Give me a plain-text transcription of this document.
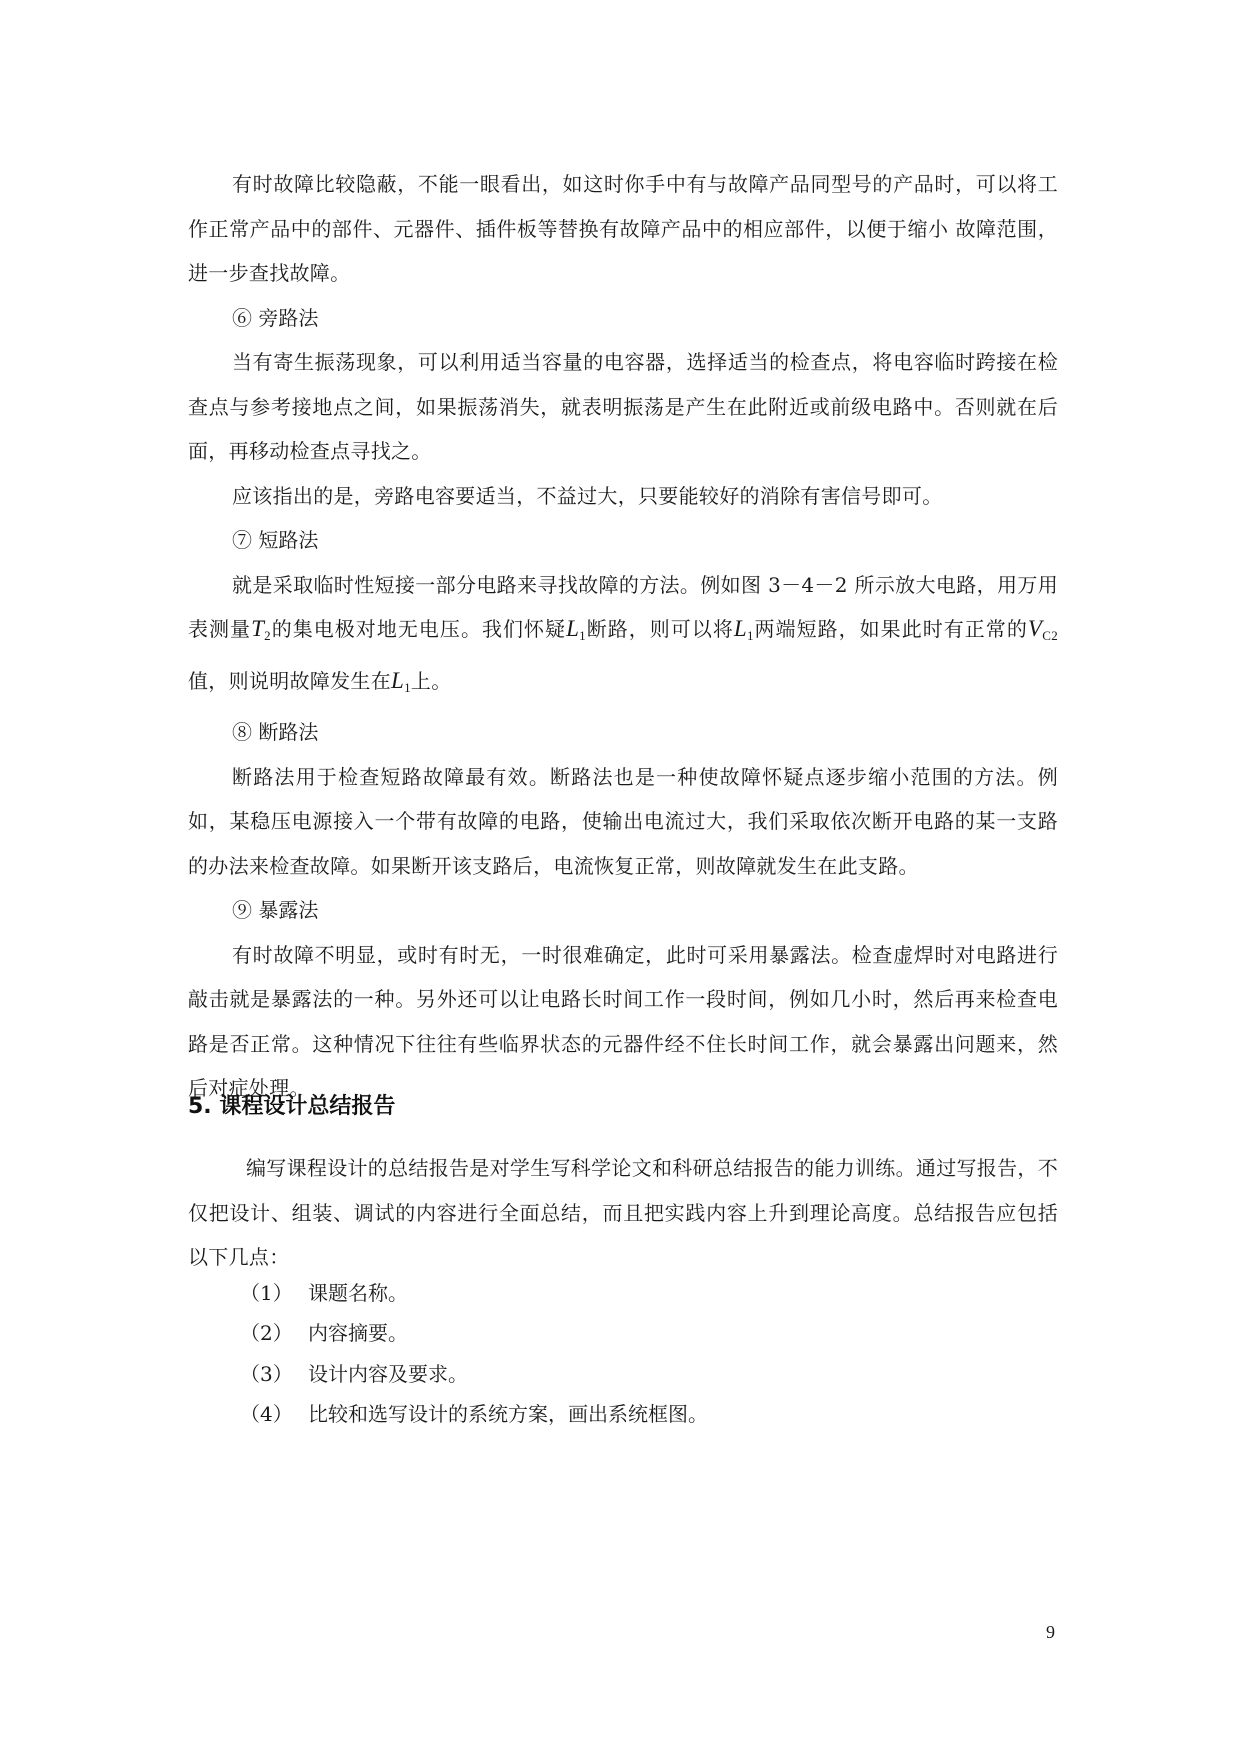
有时故障比较隐蔽，不能一眼看出，如这时你手中有与故障产品同型号的产品时，可以将工作正常产品中的部件、元器件、插件板等替换有故障产品中的相应部件，以便于缩小 故障范围，进一步查找故障。

⑥ 旁路法

当有寄生振荡现象，可以利用适当容量的电容器，选择适当的检查点，将电容临时跨接在检查点与参考接地点之间，如果振荡消失，就表明振荡是产生在此附近或前级电路中。否则就在后面，再移动检查点寻找之。

应该指出的是，旁路电容要适当，不益过大，只要能较好的消除有害信号即可。

⑦ 短路法

就是采取临时性短接一部分电路来寻找故障的方法。例如图 3－4－2 所示放大电路，用万用表测量T2的集电极对地无电压。我们怀疑L1断路，则可以将L1两端短路，如果此时有正常的VC2值，则说明故障发生在L1上。

⑧ 断路法

断路法用于检查短路故障最有效。断路法也是一种使故障怀疑点逐步缩小范围的方法。例如，某稳压电源接入一个带有故障的电路，使输出电流过大，我们采取依次断开电路的某一支路的办法来检查故障。如果断开该支路后，电流恢复正常，则故障就发生在此支路。

⑨ 暴露法

有时故障不明显，或时有时无，一时很难确定，此时可采用暴露法。检查虚焊时对电路进行敲击就是暴露法的一种。另外还可以让电路长时间工作一段时间，例如几小时，然后再来检查电路是否正常。这种情况下往往有些临界状态的元器件经不住长时间工作，就会暴露出问题来，然后对症处理。

5. 课程设计总结报告

编写课程设计的总结报告是对学生写科学论文和科研总结报告的能力训练。通过写报告，不仅把设计、组装、调试的内容进行全面总结，而且把实践内容上升到理论高度。总结报告应包括以下几点：

（1） 课题名称。

（2） 内容摘要。

（3） 设计内容及要求。

（4） 比较和选写设计的系统方案，画出系统框图。

9
